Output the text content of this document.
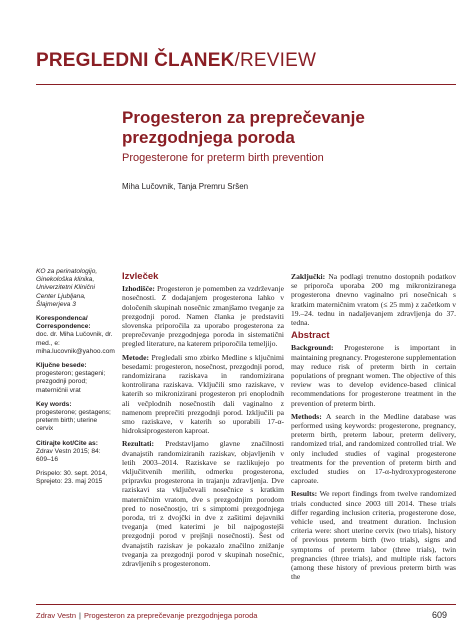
PREGLEDNI ČLANEK/REVIEW
Progesteron za preprečevanje prezgodnjega poroda
Progesterone for preterm birth prevention
Miha Lučovnik, Tanja Premru Sršen

KO za perinatologijo, Ginekološka klinika, Univerzitetni Klinični Center Ljubljana, Šlajmerjeva 3

Korespondenca/ Correspondence:

doc. dr. Miha Lučovnik, dr. med., e: miha.lucovnik@yahoo.com

Ključne besede:

progesteron; gestageni; prezgodnji porod; materničnii vrat

Key words:

progesterone; gestagens; preterm birth; uterine cervix

Citirajte kot/Cite as:

Zdrav Vestn 2015; 84: 609–16

Prispelo: 30. sept. 2014,

Sprejeto: 23. maj 2015

Izvleček

Izhodišče: Progesteron je pomemben za vzdrževanje nosečnosti. Z dodajanjem progesterona lahko v določenih skupinah nosečnic zmanjšamo tveganje za prezgodnji porod. Namen članka je predstaviti slovenska priporočila za uporabo progesterona za preprečevanje prezgodnjega poroda in sistematični pregled literature, na katerem priporočila temeljijo.

Metode: Pregledali smo zbirko Medline s ključnimi besedami: progesteron, nosečnost, prezgodnji porod, randomizirana raziskava in randomizirana kontrolirana raziskava. Vključili smo raziskave, v katerih so mikronizirani progesteron pri enoplodnih ali večplodnih nosečnostih dali vaginalno z namenom preprečiti prezgodnji porod. Izključili pa smo raziskave, v katerih so uporabili 17-α-hidroksiprogesteron kaproat.

Rezultati: Predstavljamo glavne značilnosti dvanajstih randomiziranih raziskav, objavljenih v letih 2003–2014. Raziskave se razlikujejo po vključitvenih merilih, odmerku progesterona, pripravku progesterona in trajanju zdravljenja. Dve raziskavi sta vključevali nosečnice s kratkim materničnim vratom, dve s prezgodnjim porodom pred to nosečnostjo, tri s simptomi prezgodnjega poroda, tri z dvojčki in dve z zašitimi dejavniki tveganja (med katerimi je bil najpogostejši prezgodnji porod v prejšnji nosečnosti). Šest od dvanajstih raziskav je pokazalo značilno znižanje tveganja za prezgodnji porod v skupinah nosečnic, zdravljenih s progesteronom.

Zaključki: Na podlagi trenutno dostopnih podatkov se priporoča uporaba 200 mg mikroniziranega progesterona dnevno vaginalno pri nosečnicah s kratkim materničnim vratom (≤ 25 mm) z začetkom v 19.–24. tednu in nadaljevanjem zdravljenja do 37. tedna.

Abstract

Background: Progesterone is important in maintaining pregnancy. Progesterone supplementation may reduce risk of preterm birth in certain populations of pregnant women. The objective of this review was to develop evidence-based clinical recommendations for progesterone treatment in the prevention of preterm birth.

Methods: A search in the Medline database was performed using keywords: progesterone, pregnancy, preterm birth, preterm labour, preterm delivery, randomized trial, and randomized controlled trial. We only included studies of vaginal progesterone treatments for the prevention of preterm birth and excluded studies on 17-α-hydroxyprogesterone caproate.

Results: We report findings from twelve randomized trials conducted since 2003 till 2014. These trials differ regarding inclusion criteria, progesterone dose, vehicle used, and treatment duration. Inclusion criteria were: short uterine cervix (two trials), history of previous preterm birth (two trials), signs and symptoms of preterm labor (three trials), twin pregnancies (three trials), and multiple risk factors (among these history of previous preterm birth was the

Zdrav Vestn | Progesteron za preprečevanje prezgodnjega poroda	609
